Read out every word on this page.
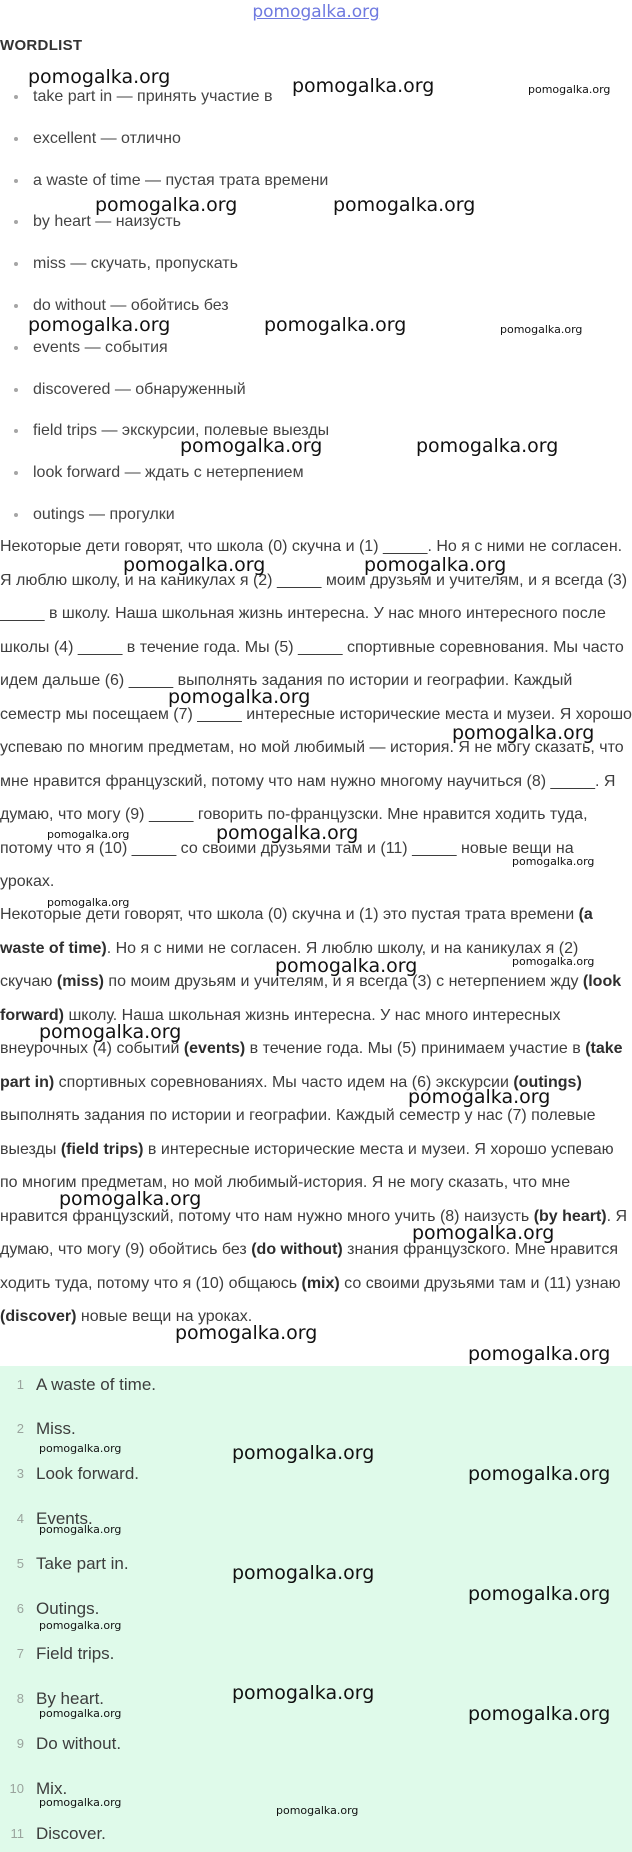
pomogalka.org
WORDLIST
take part in — принять участие в
excellent — отлично
a waste of time — пустая трата времени
by heart — наизусть
miss — скучать, пропускать
do without — обойтись без
events — события
discovered — обнаруженный
field trips — экскурсии, полевые выезды
look forward — ждать с нетерпением
outings — прогулки

Некоторые дети говорят, что школа (0) скучна и (1) _____. Но я с ними не согласен. Я люблю школу, и на каникулах я (2) _____ моим друзьям и учителям, и я всегда (3) _____ в школу. Наша школьная жизнь интересна. У нас много интересного после школы (4) _____ в течение года. Мы (5) _____ спортивные соревнования. Мы часто идем дальше (6) _____ выполнять задания по истории и географии. Каждый семестр мы посещаем (7) _____ интересные исторические места и музеи. Я хорошо успеваю по многим предметам, но мой любимый — история. Я не могу сказать, что мне нравится французский, потому что нам нужно многому научиться (8) _____. Я думаю, что могу (9) _____ говорить по-французски. Мне нравится ходить туда, потому что я (10) _____ со своими друзьями там и (11) _____ новые вещи на уроках.

Некоторые дети говорят, что школа (0) скучна и (1) это пустая трата времени (a waste of time). Но я с ними не согласен. Я люблю школу, и на каникулах я (2) скучаю (miss) по моим друзьям и учителям, и я всегда (3) с нетерпением жду (look forward) школу. Наша школьная жизнь интересна. У нас много интересных внеурочных (4) событий (events) в течение года. Мы (5) принимаем участие в (take part in) спортивных соревнованиях. Мы часто идем на (6) экскурсии (outings) выполнять задания по истории и географии. Каждый семестр у нас (7) полевые выезды (field trips) в интересные исторические места и музеи. Я хорошо успеваю по многим предметам, но мой любимый-история. Я не могу сказать, что мне нравится французский, потому что нам нужно много учить (8) наизусть (by heart). Я думаю, что могу (9) обойтись без (do without) знания французского. Мне нравится ходить туда, потому что я (10) общаюсь (mix) со своими друзьями там и (11) узнаю (discover) новые вещи на уроках.

1 A waste of time.
2 Miss.
3 Look forward.
4 Events.
5 Take part in.
6 Outings.
7 Field trips.
8 By heart.
9 Do without.
10 Mix.
11 Discover.
pomogalka.org	pomogalka.org	pomogalka.org
pomogalka.org	pomogalka.org
pomogalka.org	pomogalka.org	pomogalka.org
pomogalka.org	pomogalka.org
pomogalka.org	pomogalka.org
pomogalka.org
pomogalka.org
pomogalka.org	pomogalka.org
pomogalka.org
pomogalka.org
pomogalka.org	pomogalka.org
pomogalka.org
pomogalka.org
pomogalka.org
pomogalka.org
pomogalka.org
pomogalka.org
pomogalka.org	pomogalka.org
pomogalka.org
pomogalka.org
pomogalka.org
pomogalka.org
pomogalka.org
pomogalka.org
pomogalka.org
pomogalka.org
pomogalka.org
pomogalka.org
